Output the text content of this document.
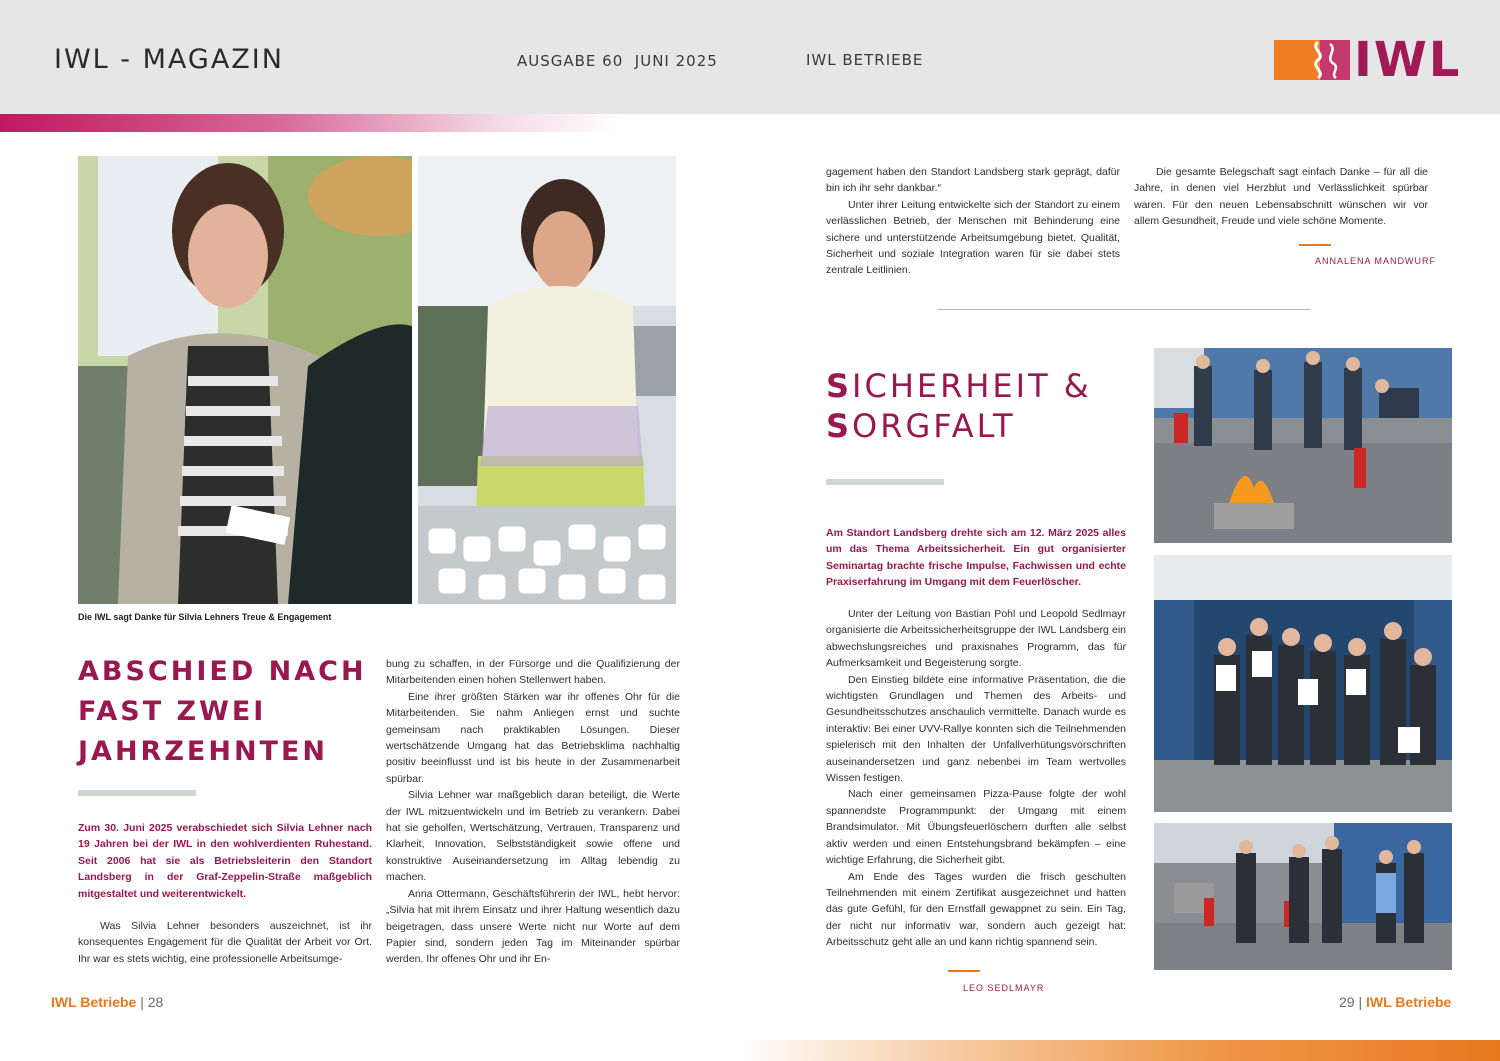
IWL - MAGAZIN	AUSGABE 60  JUNI 2025	IWL BETRIEBE	IWL
Die IWL sagt Danke für Silvia Lehners Treue & Engagement
ABSCHIED NACH
FAST ZWEI
JAHRZEHNTEN
Zum 30. Juni 2025 verabschiedet sich Silvia Lehner nach 19 Jahren bei der IWL in den wohlverdienten Ruhestand. Seit 2006 hat sie als Betriebsleiterin den Standort Landsberg in der Graf-Zeppelin-Straße maßgeblich mitgestaltet und weiterentwickelt.

Was Silvia Lehner besonders auszeichnet, ist ihr konsequentes Engagement für die Qualität der Arbeit vor Ort. Ihr war es stets wichtig, eine professionelle Arbeitsumge-

bung zu schaffen, in der Fürsorge und die Qualifizierung der Mitarbeitenden einen hohen Stellenwert haben.

Eine ihrer größten Stärken war ihr offenes Ohr für die Mitarbeitenden. Sie nahm Anliegen ernst und suchte gemeinsam nach praktikablen Lösungen. Dieser wertschätzende Umgang hat das Betriebsklima nachhaltig positiv beeinflusst und ist bis heute in der Zusammenarbeit spürbar.

Silvia Lehner war maßgeblich daran beteiligt, die Werte der IWL mitzuentwickeln und im Betrieb zu verankern. Dabei hat sie geholfen, Wertschätzung, Vertrauen, Transparenz und Klarheit, Innovation, Selbstständigkeit sowie offene und konstruktive Auseinandersetzung im Alltag lebendig zu machen.

Anna Ottermann, Geschäftsführerin der IWL, hebt hervor: „Silvia hat mit ihrem Einsatz und ihrer Haltung wesentlich dazu beigetragen, dass unsere Werte nicht nur Worte auf dem Papier sind, sondern jeden Tag im Miteinander spürbar werden. Ihr offenes Ohr und ihr En-

gagement haben den Standort Landsberg stark geprägt, dafür bin ich ihr sehr dankbar.“

Unter ihrer Leitung entwickelte sich der Standort zu einem verlässlichen Betrieb, der Menschen mit Behinderung eine sichere und unterstützende Arbeitsumgebung bietet. Qualität, Sicherheit und soziale Integration waren für sie dabei stets zentrale Leitlinien.

Die gesamte Belegschaft sagt einfach Danke – für all die Jahre, in denen viel Herzblut und Verlässlichkeit spürbar waren. Für den neuen Lebensabschnitt wünschen wir vor allem Gesundheit, Freude und viele schöne Momente.

ANNALENA MANDWURF
SICHERHEIT &
SORGFALT
Am Standort Landsberg drehte sich am 12. März 2025 alles um das Thema Arbeitssicherheit. Ein gut organisierter Seminartag brachte frische Impulse, Fachwissen und echte Praxiserfahrung im Umgang mit dem Feuerlöscher.

Unter der Leitung von Bastian Pohl und Leopold Sedlmayr organisierte die Arbeitssicherheitsgruppe der IWL Landsberg ein abwechslungsreiches und praxisnahes Programm, das für Aufmerksamkeit und Begeisterung sorgte.

Den Einstieg bildete eine informative Präsentation, die die wichtigsten Grundlagen und Themen des Arbeits- und Gesundheitsschutzes anschaulich vermittelte. Danach wurde es interaktiv: Bei einer UVV-Rallye konnten sich die Teilnehmenden spielerisch mit den Inhalten der Unfallverhütungsvorschriften auseinandersetzen und ganz nebenbei im Team wertvolles Wissen festigen.

Nach einer gemeinsamen Pizza-Pause folgte der wohl spannendste Programmpunkt: der Umgang mit einem Brandsimulator. Mit Übungsfeuerlöschern durften alle selbst aktiv werden und einen Entstehungsbrand bekämpfen – eine wichtige Erfahrung, die Sicherheit gibt.

Am Ende des Tages wurden die frisch geschulten Teilnehmenden mit einem Zertifikat ausgezeichnet und hatten das gute Gefühl, für den Ernstfall gewappnet zu sein. Ein Tag, der nicht nur informativ war, sondern auch gezeigt hat: Arbeitsschutz geht alle an und kann richtig spannend sein.

LEO SEDLMAYR
IWL Betriebe | 28	29 | IWL Betriebe
